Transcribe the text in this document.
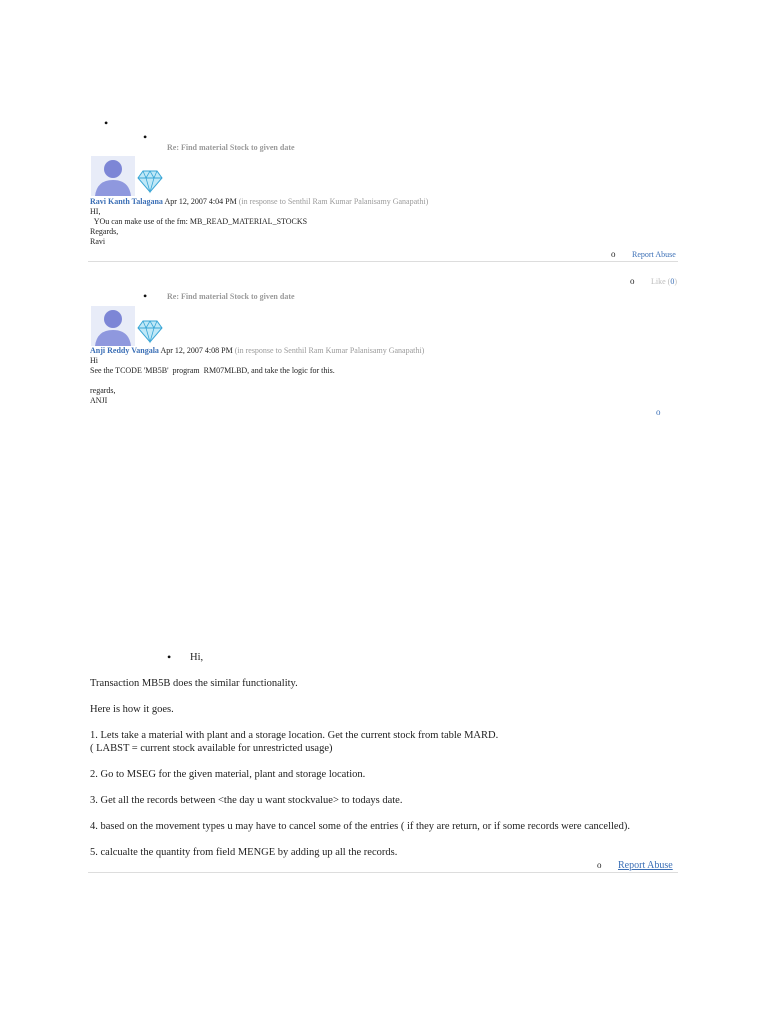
•
•
Re: Find material Stock to given date
Ravi Kanth Talagana Apr 12, 2007 4:04 PM (in response to Senthil Ram Kumar Palanisamy Ganapathi)
HI,
YOu can make use of the fm: MB_READ_MATERIAL_STOCKS
Regards,
Ravi
o Report Abuse
o Like (0)
• Re: Find material Stock to given date
Anji Reddy Vangala Apr 12, 2007 4:08 PM (in response to Senthil Ram Kumar Palanisamy Ganapathi)
Hi
See the TCODE 'MB5B'  program  RM07MLBD, and take the logic for this.

regards,
ANJI
o
• Hi,
Transaction MB5B does the similar functionality.

Here is how it goes.

1. Lets take a material with plant and a storage location. Get the current stock from table MARD.
( LABST = current stock available for unrestricted usage)

2. Go to MSEG for the given material, plant and storage location.

3. Get all the records between <the day u want stockvalue> to todays date.

4. based on the movement types u may have to cancel some of the entries ( if they are return, or if some records were cancelled).

5. calcualte the quantity from field MENGE by adding up all the records.
o Report Abuse
